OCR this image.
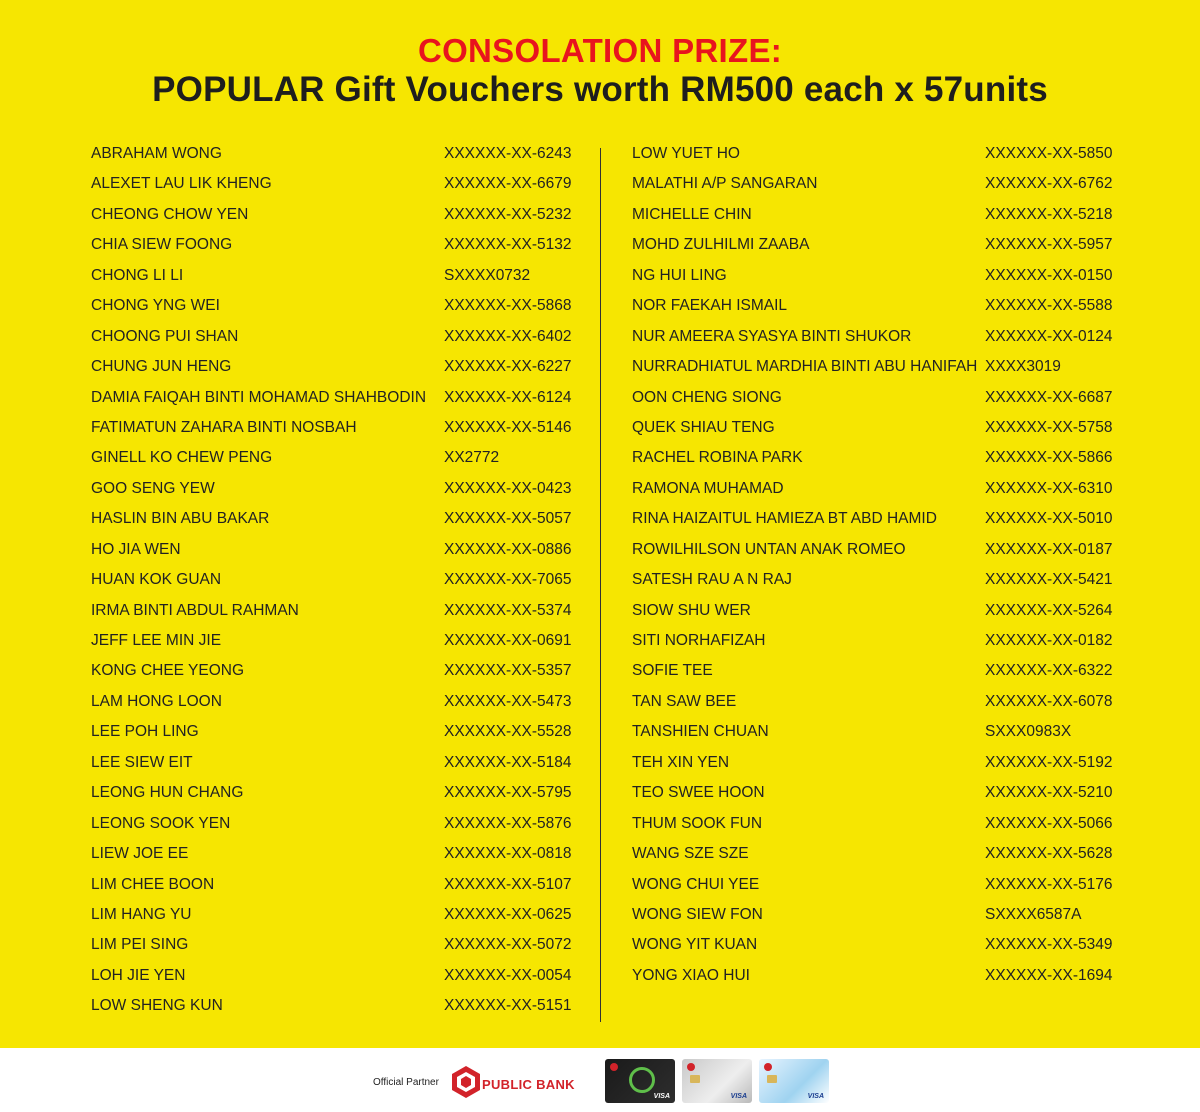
CONSOLATION PRIZE:
POPULAR Gift Vouchers worth RM500 each x 57units
ABRAHAM WONG	XXXXXX-XX-6243
ALEXET LAU LIK KHENG	XXXXXX-XX-6679
CHEONG CHOW YEN	XXXXXX-XX-5232
CHIA SIEW FOONG	XXXXXX-XX-5132
CHONG LI LI	SXXXX0732
CHONG YNG WEI	XXXXXX-XX-5868
CHOONG PUI SHAN	XXXXXX-XX-6402
CHUNG JUN HENG	XXXXXX-XX-6227
DAMIA FAIQAH BINTI MOHAMAD SHAHBODIN XXXXXX-XX-6124
FATIMATUN ZAHARA BINTI NOSBAH	XXXXXX-XX-5146
GINELL KO CHEW PENG	XX2772
GOO SENG YEW	XXXXXX-XX-0423
HASLIN BIN ABU BAKAR	XXXXXX-XX-5057
HO JIA WEN	XXXXXX-XX-0886
HUAN KOK GUAN	XXXXXX-XX-7065
IRMA BINTI ABDUL RAHMAN	XXXXXX-XX-5374
JEFF LEE MIN JIE	XXXXXX-XX-0691
KONG CHEE YEONG	XXXXXX-XX-5357
LAM HONG LOON	XXXXXX-XX-5473
LEE POH LING	XXXXXX-XX-5528
LEE SIEW EIT	XXXXXX-XX-5184
LEONG HUN CHANG	XXXXXX-XX-5795
LEONG SOOK YEN	XXXXXX-XX-5876
LIEW JOE EE	XXXXXX-XX-0818
LIM CHEE BOON	XXXXXX-XX-5107
LIM HANG YU	XXXXXX-XX-0625
LIM PEI SING	XXXXXX-XX-5072
LOH JIE YEN	XXXXXX-XX-0054
LOW SHENG KUN	XXXXXX-XX-5151
LOW YUET HO	XXXXXX-XX-5850
MALATHI A/P SANGARAN	XXXXXX-XX-6762
MICHELLE CHIN	XXXXXX-XX-5218
MOHD ZULHILMI ZAABA	XXXXXX-XX-5957
NG HUI LING	XXXXXX-XX-0150
NOR FAEKAH ISMAIL	XXXXXX-XX-5588
NUR AMEERA SYASYA BINTI SHUKOR	XXXXXX-XX-0124
NURRADHIATUL MARDHIA BINTI ABU HANIFAH XXXX3019
OON CHENG SIONG	XXXXXX-XX-6687
QUEK SHIAU TENG	XXXXXX-XX-5758
RACHEL ROBINA PARK	XXXXXX-XX-5866
RAMONA MUHAMAD	XXXXXX-XX-6310
RINA HAIZAITUL HAMIEZA BT ABD HAMID	XXXXXX-XX-5010
ROWILHILSON UNTAN ANAK ROMEO	XXXXXX-XX-0187
SATESH RAU A N RAJ	XXXXXX-XX-5421
SIOW SHU WER	XXXXXX-XX-5264
SITI NORHAFIZAH	XXXXXX-XX-0182
SOFIE TEE	XXXXXX-XX-6322
TAN SAW BEE	XXXXXX-XX-6078
TANSHIEN CHUAN	SXXX0983X
TEH XIN YEN	XXXXXX-XX-5192
TEO SWEE HOON	XXXXXX-XX-5210
THUM SOOK FUN	XXXXXX-XX-5066
WANG SZE SZE	XXXXXX-XX-5628
WONG CHUI YEE	XXXXXX-XX-5176
WONG SIEW FON	SXXXX6587A
WONG YIT KUAN	XXXXXX-XX-5349
YONG XIAO HUI	XXXXXX-XX-1694
Official Partner	PUBLIC BANK
VISA	VISA	VISA
